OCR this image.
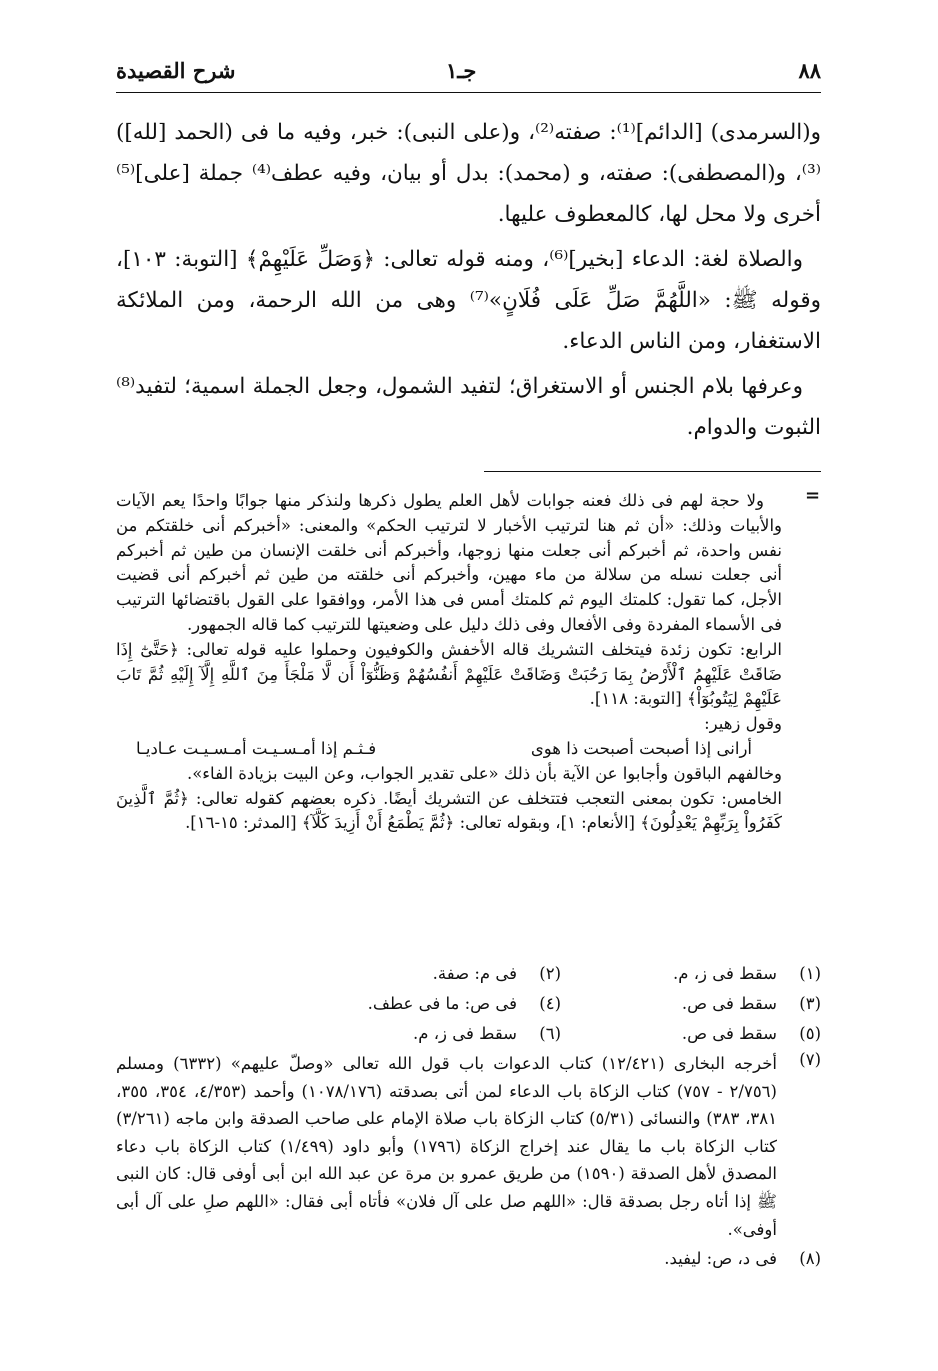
٨٨
جـ١
شرح القصيدة

و(السرمدى) [الدائم]⁽¹⁾: صفته⁽²⁾، و(على النبى): خبر، وفيه ما فى (الحمد [لله])⁽³⁾، و(المصطفى): صفته، و (محمد): بدل أو بيان، وفيه عطف⁽⁴⁾ جملة [على]⁽⁵⁾ أخرى ولا محل لها، كالمعطوف عليها.

والصلاة لغة: الدعاء [بخير]⁽⁶⁾، ومنه قوله تعالى: ﴿وَصَلِّ عَلَيْهِمْ﴾ [التوبة: ١٠٣]، وقوله ﷺ: «اللَّهُمَّ صَلِّ عَلَى فُلَانٍ»⁽⁷⁾ وهى من الله الرحمة، ومن الملائكة الاستغفار، ومن الناس الدعاء.

وعرفها بلام الجنس أو الاستغراق؛ لتفيد الشمول، وجعل الجملة اسمية؛ لتفيد⁽⁸⁾ الثبوت والدوام.

=

ولا حجة لهم فى ذلك فعنه جوابات لأهل العلم يطول ذكرها ولنذكر منها جوابًا واحدًا يعم الآيات والأبيات وذلك: «أن ثم هنا لترتيب الأخبار لا لترتيب الحكم» والمعنى: «أخبركم أنى خلقتكم من نفس واحدة، ثم أخبركم أنى جعلت منها زوجها، وأخبركم أنى خلقت الإنسان من طين ثم أخبركم أنى جعلت نسله من سلالة من ماء مهين، وأخبركم أنى خلقته من طين ثم أخبركم أنى قضيت الأجل، كما تقول: كلمتك اليوم ثم كلمتك أمس فى هذا الأمر، ووافقوا على القول باقتضائها الترتيب فى الأسماء المفردة وفى الأفعال وفى ذلك دليل على وضعيتها للترتيب كما قاله الجمهور.

الرابع: تكون زئدة فيتخلف التشريك قاله الأخفش والكوفيون وحملوا عليه قوله تعالى: ﴿حَتَّىٰٓ إِذَا ضَاقَتْ عَلَيْهِمُ ٱلْأَرْضُ بِمَا رَحُبَتْ وَضَاقَتْ عَلَيْهِمْ أَنفُسُهُمْ وَظَنُّوٓاْ أَن لَّا مَلْجَأَ مِنَ ٱللَّهِ إِلَّآ إِلَيْهِ ثُمَّ تَابَ عَلَيْهِمْ لِيَتُوبُوٓاْ﴾ [التوبة: ١١٨].

وقول زهير:

أرانى إذا أصبحت أصبحت ذا هوى
فـثـم إذا أمـسـيـت أمـسـيـت عـاديـا

وخالفهم الباقون وأجابوا عن الآية بأن ذلك «على تقدير الجواب، وعن البيت بزيادة الفاء».

الخامس: تكون بمعنى التعجب فتتخلف عن التشريك أيضًا. ذكره بعضهم كقوله تعالى: ﴿ثُمَّ ٱلَّذِينَ كَفَرُواْ بِرَبِّهِمْ يَعْدِلُونَ﴾ [الأنعام: ١]، وبقوله تعالى: ﴿ثُمَّ يَطْمَعُ أَنْ أَزِيدَ كَلَّآ﴾ [المدثر: ١٥-١٦].

(١)
سقط فى ز، م.
(٢)
فى م: صفة.
(٣)
سقط فى ص.
(٤)
فى ص: ما فى عطف.
(٥)
سقط فى ص.
(٦)
سقط فى ز، م.
(٧)
أخرجه البخارى (١٢/٤٢١) كتاب الدعوات باب قول الله تعالى «وصلّ عليهم» (٦٣٣٢) ومسلم (٢/٧٥٦ - ٧٥٧) كتاب الزكاة باب الدعاء لمن أتى بصدقته (١٠٧٨/١٧٦) وأحمد (٤/٣٥٣، ٣٥٤، ٣٥٥، ٣٨١، ٣٨٣) والنسائى (٥/٣١) كتاب الزكاة باب صلاة الإمام على صاحب الصدقة وابن ماجه (٣/٢٦١) كتاب الزكاة باب ما يقال عند إخراج الزكاة (١٧٩٦) وأبو داود (١/٤٩٩) كتاب الزكاة باب دعاء المصدق لأهل الصدقة (١٥٩٠) من طريق عمرو بن مرة عن عبد الله ابن أبى أوفى قال: كان النبى ﷺ إذا أتاه رجل بصدقة قال: «اللهم صل على آل فلان» فأتاه أبى فقال: «اللهم صلِ على آل أبى أوفى».
(٨)
فى د، ص: ليفيد.
